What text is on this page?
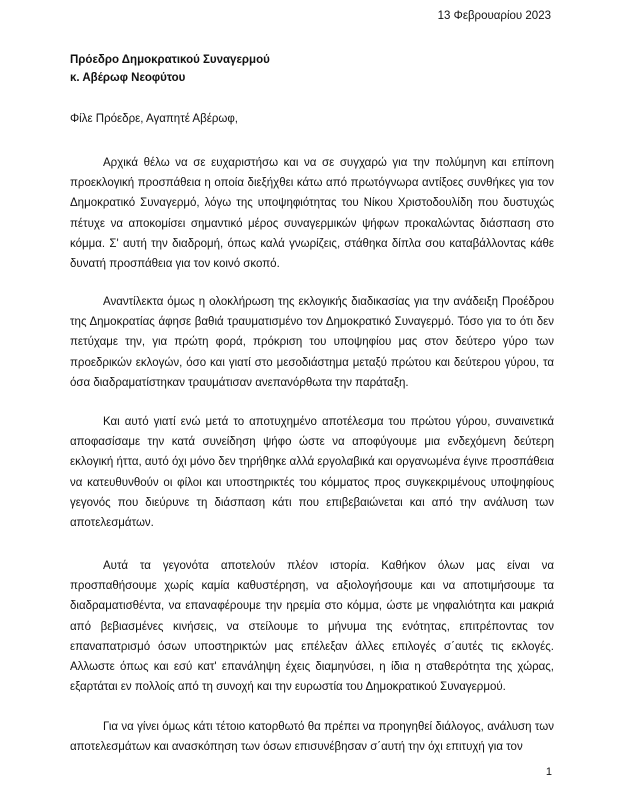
13 Φεβρουαρίου 2023
Πρόεδρο Δημοκρατικού Συναγερμού
κ. Αβέρωφ Νεοφύτου
Φίλε Πρόεδρε, Αγαπητέ Αβέρωφ,

Αρχικά θέλω να σε ευχαριστήσω και να σε συγχαρώ για την πολύμηνη και επίπονη προεκλογική προσπάθεια η οποία διεξήχθει κάτω από πρωτόγνωρα αντίξοες συνθήκες για τον Δημοκρατικό Συναγερμό, λόγω της υποψηφιότητας του Νίκου Χριστοδουλίδη που δυστυχώς πέτυχε να αποκομίσει σημαντικό μέρος συναγερμικών ψήφων προκαλώντας διάσπαση στο κόμμα. Σ' αυτή την διαδρομή, όπως καλά γνωρίζεις, στάθηκα δίπλα σου καταβάλλοντας κάθε δυνατή προσπάθεια για τον κοινό σκοπό.

Αναντίλεκτα όμως η ολοκλήρωση της εκλογικής διαδικασίας για την ανάδειξη Προέδρου της Δημοκρατίας άφησε βαθιά τραυματισμένο τον Δημοκρατικό Συναγερμό. Τόσο για το ότι δεν πετύχαμε την, για πρώτη φορά, πρόκριση του υποψηφίου μας στον δεύτερο γύρο των προεδρικών εκλογών, όσο και γιατί στο μεσοδιάστημα μεταξύ πρώτου και δεύτερου γύρου, τα όσα διαδραματίστηκαν τραυμάτισαν ανεπανόρθωτα την παράταξη.

Και αυτό γιατί ενώ μετά το αποτυχημένο αποτέλεσμα του πρώτου γύρου, συναινετικά αποφασίσαμε την κατά συνείδηση ψήφο ώστε να αποφύγουμε μια ενδεχόμενη δεύτερη εκλογική ήττα, αυτό όχι μόνο δεν τηρήθηκε αλλά εργολαβικά και οργανωμένα έγινε προσπάθεια να κατευθυνθούν οι φίλοι και υποστηρικτές του κόμματος προς συγκεκριμένους υποψηφίους γεγονός που διεύρυνε τη διάσπαση κάτι που επιβεβαιώνεται και από την ανάλυση των αποτελεσμάτων.

Αυτά τα γεγονότα αποτελούν πλέον ιστορία. Καθήκον όλων μας είναι να προσπαθήσουμε χωρίς καμία καθυστέρηση, να αξιολογήσουμε και να αποτιμήσουμε τα διαδραματισθέντα, να επαναφέρουμε την ηρεμία στο κόμμα, ώστε με νηφαλιότητα και μακριά από βεβιασμένες κινήσεις, να στείλουμε το μήνυμα της ενότητας, επιτρέποντας τον επαναπατρισμό όσων υποστηρικτών μας επέλεξαν άλλες επιλογές σ΄αυτές τις εκλογές. Αλλωστε όπως και εσύ κατ' επανάληψη έχεις διαμηνύσει, η ίδια η σταθερότητα της χώρας, εξαρτάται εν πολλοίς από τη συνοχή και την ευρωστία του Δημοκρατικού Συναγερμού.

Για να γίνει όμως κάτι τέτοιο κατορθωτό θα πρέπει να προηγηθεί διάλογος, ανάλυση των αποτελεσμάτων και ανασκόπηση των όσων επισυνέβησαν σ΄αυτή την όχι επιτυχή για τον

1
